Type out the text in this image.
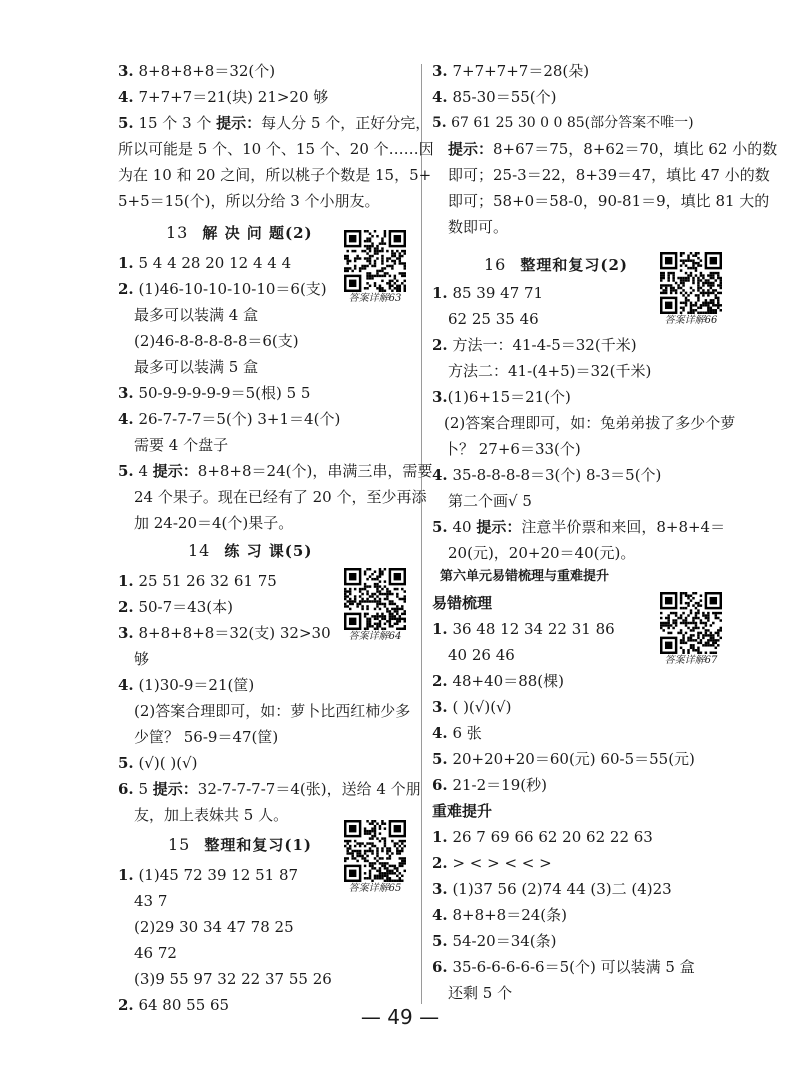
3. 8+8+8+8＝32(个)
4. 7+7+7＝21(块) 21>20 够
5. 15 个 3 个 提示：每人分 5 个，正好分完，
所以可能是 5 个、10 个、15 个、20 个……因
为在 10 和 20 之间，所以桃子个数是 15，5+
5+5＝15(个)，所以分给 3 个小朋友。
13 解 决 问 题(2)
1. 5 4 4 28 20 12 4 4 4
2. (1)46-10-10-10-10＝6(支)
最多可以装满 4 盒
(2)46-8-8-8-8-8＝6(支)
最多可以装满 5 盒
3. 50-9-9-9-9-9＝5(根) 5 5
4. 26-7-7-7＝5(个) 3+1＝4(个)
需要 4 个盘子
5. 4 提示：8+8+8＝24(个)，串满三串，需要
24 个果子。现在已经有了 20 个，至少再添
加 24-20＝4(个)果子。
14 练 习 课(5)
1. 25 51 26 32 61 75
2. 50-7＝43(本)
3. 8+8+8+8＝32(支) 32>30
够
4. (1)30-9＝21(筐)
(2)答案合理即可，如：萝卜比西红柿少多
少筐？ 56-9＝47(筐)
5. (√)( )(√)
6. 5 提示：32-7-7-7-7＝4(张)，送给 4 个朋
友，加上表妹共 5 人。
15 整理和复习(1)
1. (1)45 72 39 12 51 87
43 7
(2)29 30 34 47 78 25
46 72
(3)9 55 97 32 22 37 55 26
2. 64 80 55 65
3. 7+7+7+7＝28(朵)
4. 85-30＝55(个)
5. 67 61 25 30 0 0 85(部分答案不唯一)
提示：8+67＝75，8+62＝70，填比 62 小的数
即可；25-3＝22，8+39＝47，填比 47 小的数
即可；58+0＝58-0，90-81＝9，填比 81 大的
数即可。
16 整理和复习(2)
1. 85 39 47 71
62 25 35 46
2. 方法一：41-4-5＝32(千米)
方法二：41-(4+5)＝32(千米)
3.(1)6+15＝21(个)
(2)答案合理即可，如：兔弟弟拔了多少个萝
卜？ 27+6＝33(个)
4. 35-8-8-8-8＝3(个) 8-3＝5(个)
第二个画√ 5
5. 40 提示：注意半价票和来回，8+8+4＝
20(元)，20+20＝40(元)。
第六单元易错梳理与重难提升
易错梳理
1. 36 48 12 34 22 31 86
40 26 46
2. 48+40＝88(棵)
3. ( )(√)(√)
4. 6 张
5. 20+20+20＝60(元) 60-5＝55(元)
6. 21-2＝19(秒)
重难提升
1. 26 7 69 66 62 20 62 22 63
2. > < > < < >
3. (1)37 56 (2)74 44 (3)二 (4)23
4. 8+8+8＝24(条)
5. 54-20＝34(条)
6. 35-6-6-6-6-6＝5(个) 可以装满 5 盒
还剩 5 个
答案详解63
答案详解64
答案详解65
答案详解66
答案详解67
— 49 —
